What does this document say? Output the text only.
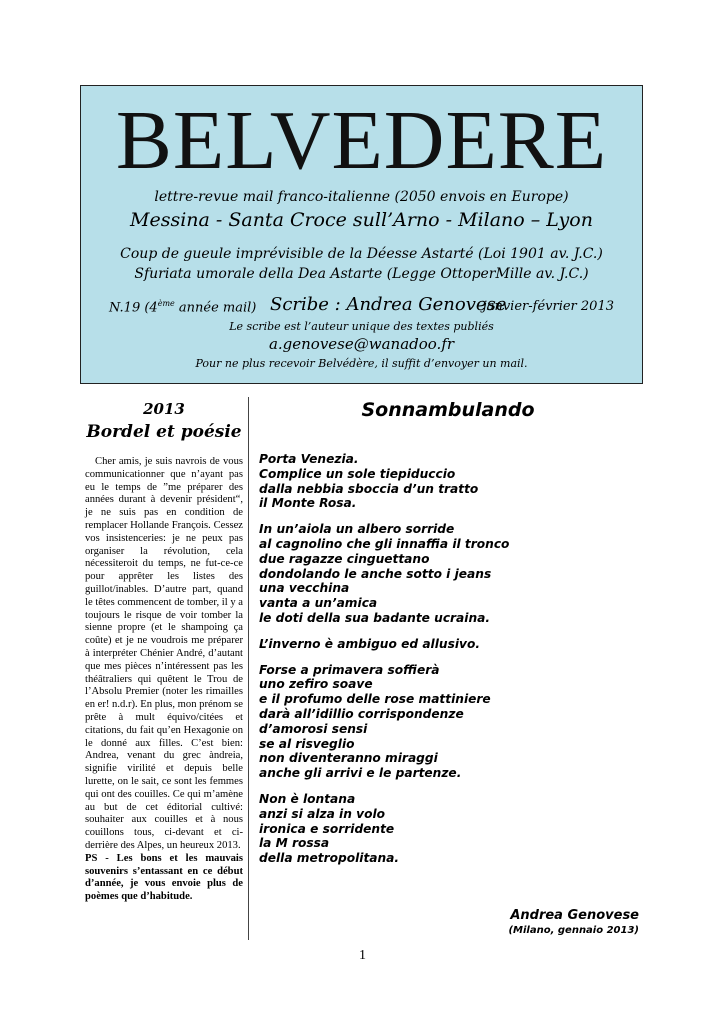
BELVEDERE
lettre-revue mail franco-italienne (2050 envois en Europe)
Messina - Santa Croce sull’Arno - Milano – Lyon
Coup de gueule imprévisible de la Déesse Astarté (Loi 1901 av. J.C.)
Sfuriata umorale della Dea Astarte (Legge OttoperMille av. J.C.)
N.19 (4ème année mail) Scribe : Andrea Genovese
janvier-février 2013
Le scribe est l’auteur unique des textes publiés
a.genovese@wanadoo.fr
Pour ne plus recevoir Belvédère, il suffit d’envoyer un mail.
2013
Bordel et poésie

Cher amis, je suis navrois de vous communicationner que n’ayant pas eu le temps de ”me préparer des années durant à devenir président“, je ne suis pas en condition de remplacer Hollande François. Cessez vos insistenceries: je ne peux pas organiser la révolution, cela nécessiteroit du temps, ne fut-ce-ce pour apprêter les listes des guillot/inables. D’autre part, quand le têtes commencent de tomber, il y a toujours le risque de voir tomber la sienne propre (et le shampoing ça coûte) et je ne voudrois me préparer à interpréter Chénier André, d’autant que mes pièces n’intéressent pas les théâtraliers qui quêtent le Trou de l’Absolu Premier (noter les rimailles en er! n.d.r). En plus, mon prénom se prête à mult équivo/citées et citations, du fait qu’en Hexagonie on le donné aux filles. C’est bien: Andrea, venant du grec àndreia, signifie virilité et depuis belle lurette, on le sait, ce sont les femmes qui ont des couilles. Ce qui m’amène au but de cet éditorial cultivé: souhaiter aux couilles et à nous couillons tous, ci-devant et ci-derrière des Alpes, un heureux 2013.

PS - Les bons et les mauvais souvenirs s’entassant en ce début d’année, je vous envoie plus de poèmes que d’habitude.

Sonnambulando
Porta Venezia.
Complice un sole tiepiduccio
dalla nebbia sboccia d’un tratto
il Monte Rosa.
In un’aiola un albero sorride
al cagnolino che gli innaffia il tronco
due ragazze cinguettano
dondolando le anche sotto i jeans
una vecchina
vanta a un’amica
le doti della sua badante ucraina.
L’inverno è ambiguo ed allusivo.
Forse a primavera soffierà
uno zefiro soave
e il profumo delle rose mattiniere
darà all’idillio corrispondenze
d’amorosi sensi
se al risveglio
non diventeranno miraggi
anche gli arrivi e le partenze.
Non è lontana
anzi si alza in volo
ironica e sorridente
la M rossa
della metropolitana.
Andrea Genovese
(Milano, gennaio 2013)
1
